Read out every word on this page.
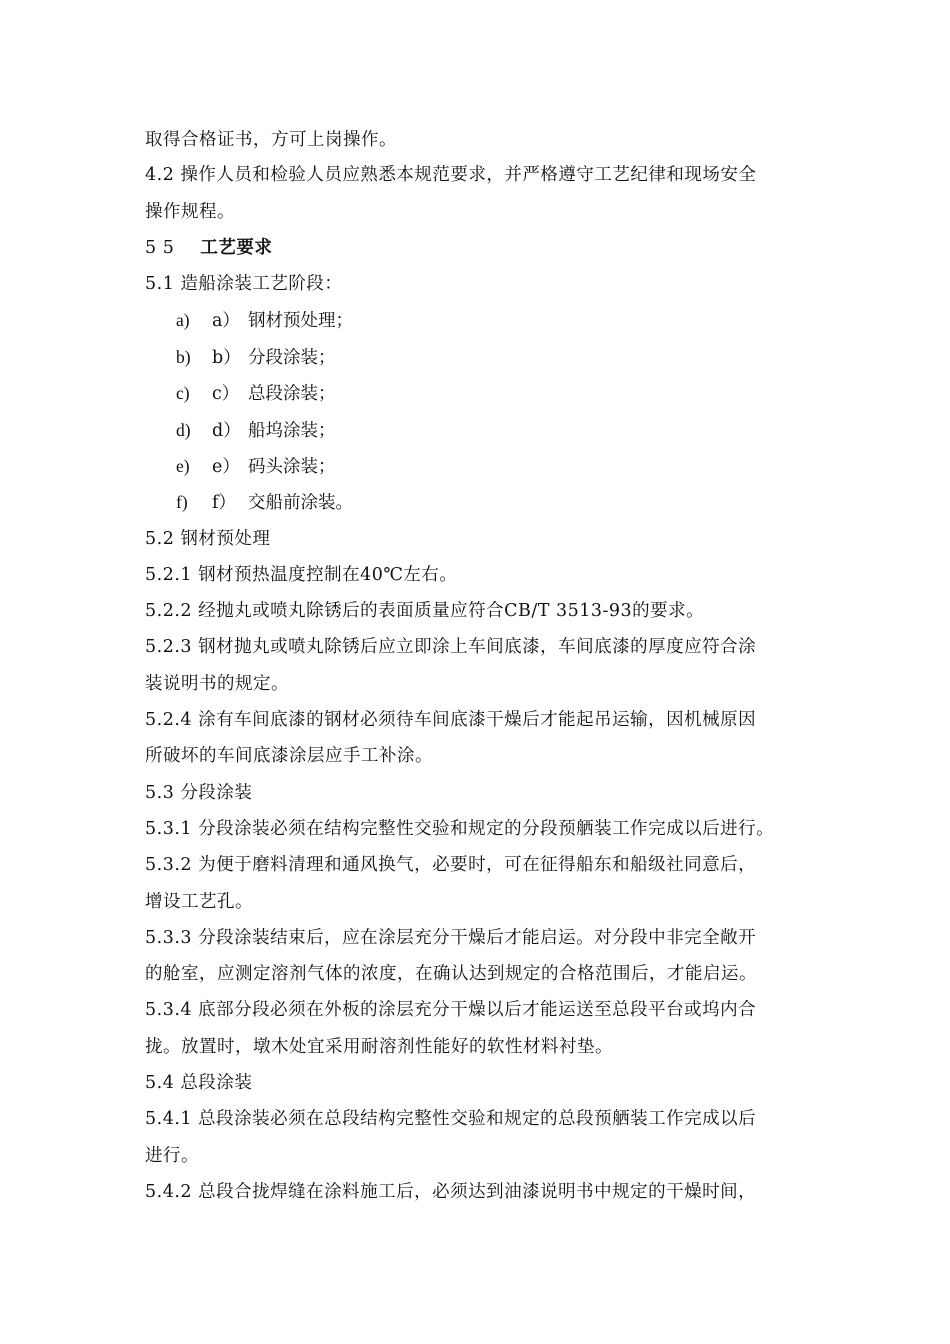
取得合格证书，方可上岗操作。
4.2 操作人员和检验人员应熟悉本规范要求，并严格遵守工艺纪律和现场安全
操作规程。
5 5 工艺要求
5.1 造船涂装工艺阶段：
a) a） 钢材预处理；
b) b） 分段涂装；
c) c） 总段涂装；
d) d） 船坞涂装；
e) e） 码头涂装；
f) f） 交船前涂装。
5.2 钢材预处理
5.2.1 钢材预热温度控制在40℃左右。
5.2.2 经抛丸或喷丸除锈后的表面质量应符合CB/T 3513-93的要求。
5.2.3 钢材抛丸或喷丸除锈后应立即涂上车间底漆，车间底漆的厚度应符合涂
装说明书的规定。
5.2.4 涂有车间底漆的钢材必须待车间底漆干燥后才能起吊运输，因机械原因
所破坏的车间底漆涂层应手工补涂。
5.3 分段涂装
5.3.1 分段涂装必须在结构完整性交验和规定的分段预舾装工作完成以后进行。
5.3.2 为便于磨料清理和通风换气，必要时，可在征得船东和船级社同意后，
增设工艺孔。
5.3.3 分段涂装结束后，应在涂层充分干燥后才能启运。对分段中非完全敞开
的舱室，应测定溶剂气体的浓度，在确认达到规定的合格范围后，才能启运。
5.3.4 底部分段必须在外板的涂层充分干燥以后才能运送至总段平台或坞内合
拢。放置时，墩木处宜采用耐溶剂性能好的软性材料衬垫。
5.4 总段涂装
5.4.1 总段涂装必须在总段结构完整性交验和规定的总段预舾装工作完成以后
进行。
5.4.2 总段合拢焊缝在涂料施工后，必须达到油漆说明书中规定的干燥时间，
